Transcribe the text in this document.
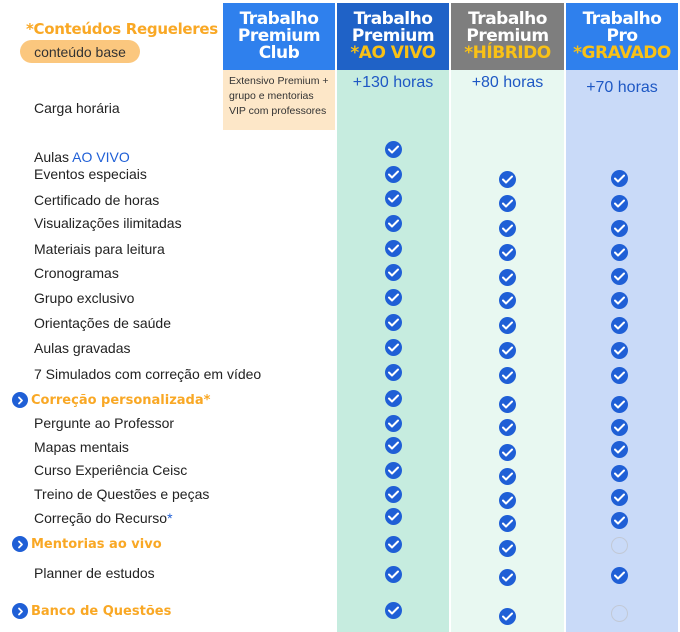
*Conteúdos Regueleres
conteúdo base
Trabalho
Premium
Club
Trabalho
Premium
*AO VIVO
Trabalho
Premium
*HÍBRIDO
Trabalho
Pro
*GRAVADO
Extensivo Premium +
grupo e mentorias
VIP com professores
Carga horária
+130 horas	+80 horas	+70 horas
Aulas AO VIVO
Eventos especiais
Certificado de horas
Visualizações ilimitadas
Materiais para leitura
Cronogramas
Grupo exclusivo
Orientações de saúde
Aulas gravadas
7 Simulados com correção em vídeo
Correção personalizada*
Pergunte ao Professor
Mapas mentais
Curso Experiência Ceisc
Treino de Questões e peças
Correção do Recurso*
Mentorias ao vivo
Planner de estudos
Banco de Questões
